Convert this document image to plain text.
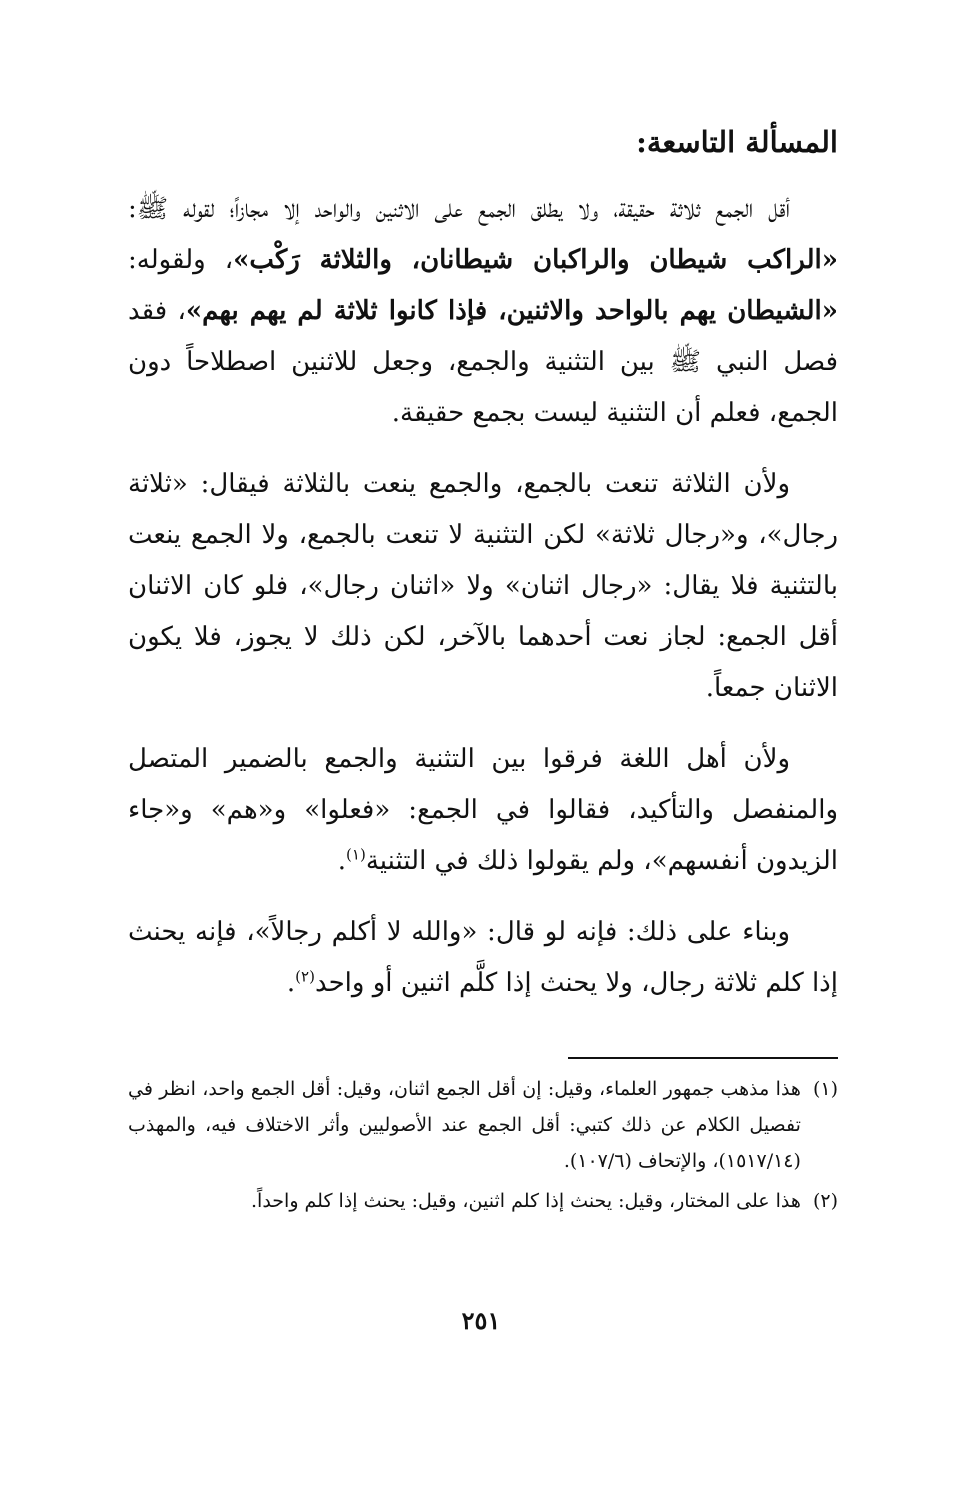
المسألة التاسعة:

أقل الجمع ثلاثة حقيقة، ولا يطلق الجمع على الاثنين والواحد إلا مجازاً؛ لقوله ﷺ: «الراكب شيطان والراكبان شيطانان، والثلاثة رَكْب»، ولقوله: «الشيطان يهم بالواحد والاثنين، فإذا كانوا ثلاثة لم يهم بهم»، فقد فصل النبي ﷺ بين التثنية والجمع، وجعل للاثنين اصطلاحاً دون الجمع، فعلم أن التثنية ليست بجمع حقيقة.

ولأن الثلاثة تنعت بالجمع، والجمع ينعت بالثلاثة فيقال: «ثلاثة رجال»، و«رجال ثلاثة» لكن التثنية لا تنعت بالجمع، ولا الجمع ينعت بالتثنية فلا يقال: «رجال اثنان» ولا «اثنان رجال»، فلو كان الاثنان أقل الجمع: لجاز نعت أحدهما بالآخر، لكن ذلك لا يجوز، فلا يكون الاثنان جمعاً.

ولأن أهل اللغة فرقوا بين التثنية والجمع بالضمير المتصل والمنفصل والتأكيد، فقالوا في الجمع: «فعلوا» و«هم» و«جاء الزيدون أنفسهم»، ولم يقولوا ذلك في التثنية$^{(١)}$.

وبناء على ذلك: فإنه لو قال: «والله لا أكلم رجالاً»، فإنه يحنث إذا كلم ثلاثة رجال، ولا يحنث إذا كلَّم اثنين أو واحد$^{(٢)}$.

(١)
هذا مذهب جمهور العلماء، وقيل: إن أقل الجمع اثنان، وقيل: أقل الجمع واحد، انظر في تفصيل الكلام عن ذلك كتبي: أقل الجمع عند الأصوليين وأثر الاختلاف فيه، والمهذب (١٥١٧/١٤)، والإتحاف (١٠٧/٦).
(٢)
هذا على المختار، وقيل: يحنث إذا كلم اثنين، وقيل: يحنث إذا كلم واحداً.
٢٥١
